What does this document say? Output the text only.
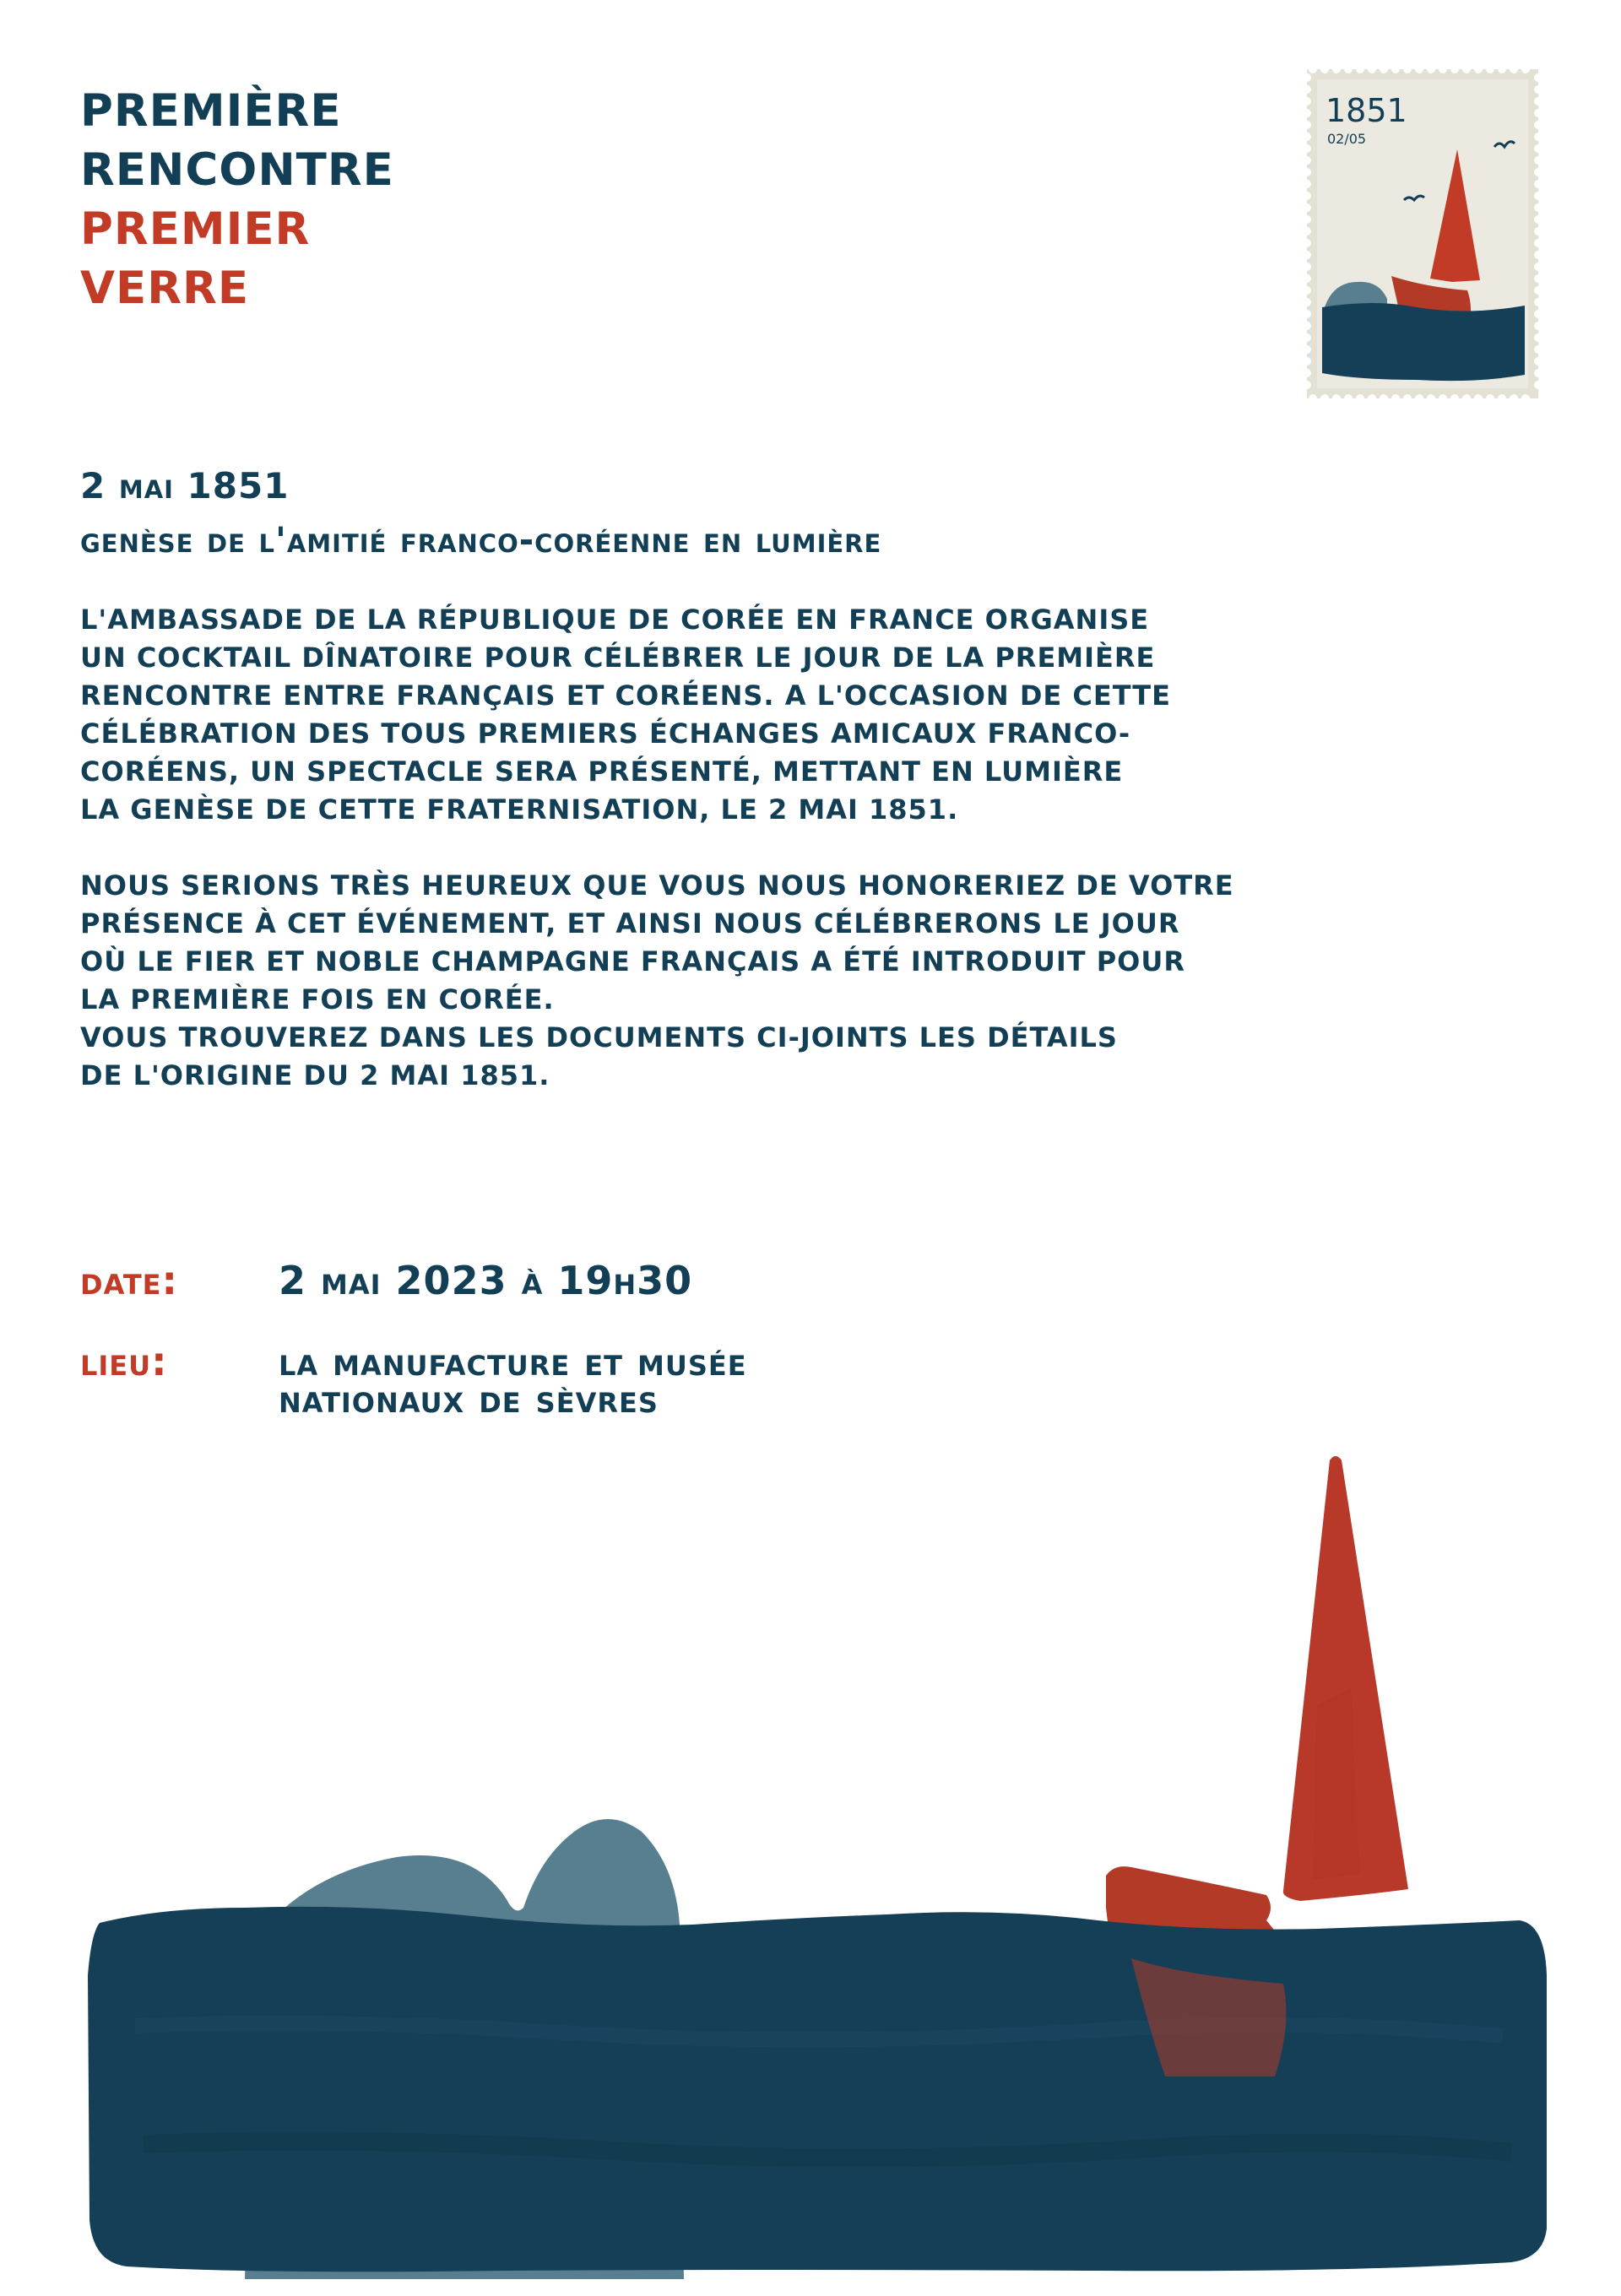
première
rencontre
premier
verre
1851
02/05
2 mai 1851
genèse de l'amitié franco-coréenne en lumière

L'AMBASSADE DE LA RÉPUBLIQUE DE CORÉE EN FRANCE ORGANISE
UN COCKTAIL DÎNATOIRE POUR CÉLÉBRER LE JOUR DE LA PREMIÈRE
RENCONTRE ENTRE FRANÇAIS ET CORÉENS. A L'OCCASION DE CETTE
CÉLÉBRATION DES TOUS PREMIERS ÉCHANGES AMICAUX FRANCO-
CORÉENS, UN SPECTACLE SERA PRÉSENTÉ, METTANT EN LUMIÈRE
LA GENÈSE DE CETTE FRATERNISATION, LE 2 MAI 1851.

NOUS SERIONS TRÈS HEUREUX QUE VOUS NOUS HONORERIEZ DE VOTRE
PRÉSENCE À CET ÉVÉNEMENT, ET AINSI NOUS CÉLÉBRERONS LE JOUR
OÙ LE FIER ET NOBLE CHAMPAGNE FRANÇAIS A ÉTÉ INTRODUIT POUR
LA PREMIÈRE FOIS EN CORÉE.
VOUS TROUVEREZ DANS LES DOCUMENTS CI-JOINTS LES DÉTAILS
DE L'ORIGINE DU 2 MAI 1851.

date:	2 mai 2023 à 19h30
lieu:	la manufacture et musée
nationaux de sèvres
